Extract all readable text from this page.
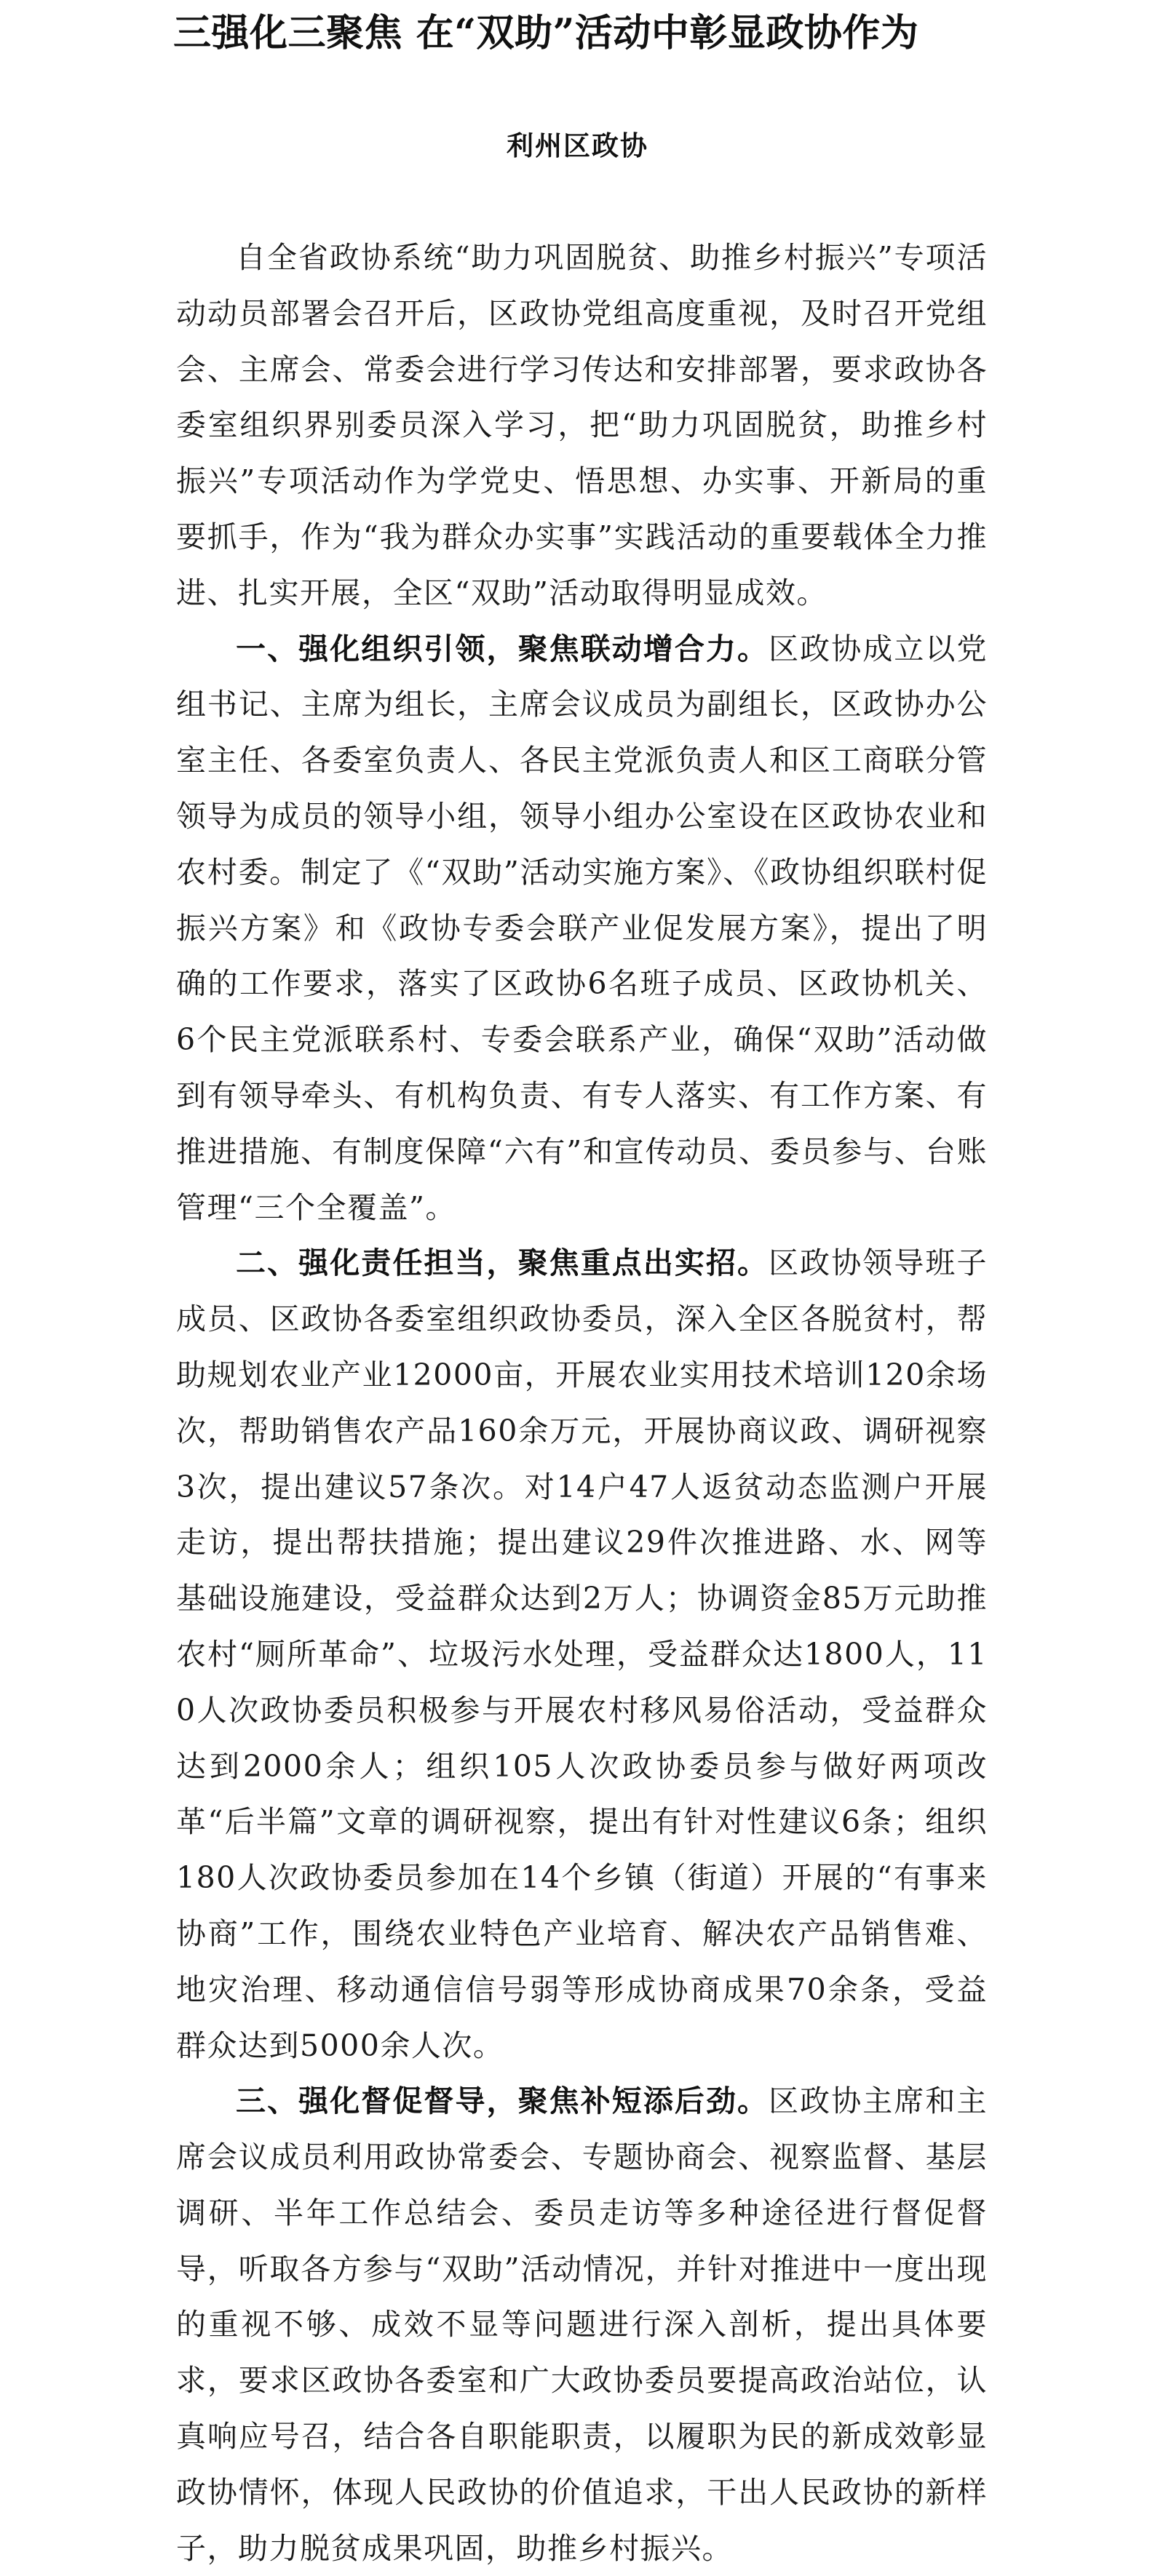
三强化三聚焦 在“双助”活动中彰显政协作为
利州区政协

自全省政协系统“助力巩固脱贫、助推乡村振兴”专项活动动员部署会召开后，区政协党组高度重视，及时召开党组会、主席会、常委会进行学习传达和安排部署，要求政协各委室组织界别委员深入学习，把“助力巩固脱贫，助推乡村振兴”专项活动作为学党史、悟思想、办实事、开新局的重要抓手，作为“我为群众办实事”实践活动的重要载体全力推进、扎实开展，全区“双助”活动取得明显成效。

一、强化组织引领，聚焦联动增合力。区政协成立以党组书记、主席为组长，主席会议成员为副组长，区政协办公室主任、各委室负责人、各民主党派负责人和区工商联分管领导为成员的领导小组，领导小组办公室设在区政协农业和农村委。制定了《“双助”活动实施方案》、《政协组织联村促振兴方案》和《政协专委会联产业促发展方案》，提出了明确的工作要求，落实了区政协6名班子成员、区政协机关、6个民主党派联系村、专委会联系产业，确保“双助”活动做到有领导牵头、有机构负责、有专人落实、有工作方案、有推进措施、有制度保障“六有”和宣传动员、委员参与、台账管理“三个全覆盖”。

二、强化责任担当，聚焦重点出实招。区政协领导班子成员、区政协各委室组织政协委员，深入全区各脱贫村，帮助规划农业产业12000亩，开展农业实用技术培训120余场次，帮助销售农产品160余万元，开展协商议政、调研视察3次，提出建议57条次。对14户47人返贫动态监测户开展走访，提出帮扶措施；提出建议29件次推进路、水、网等基础设施建设，受益群众达到2万人；协调资金85万元助推农村“厕所革命”、垃圾污水处理，受益群众达1800人，110人次政协委员积极参与开展农村移风易俗活动，受益群众达到2000余人；组织105人次政协委员参与做好两项改革“后半篇”文章的调研视察，提出有针对性建议6条；组织180人次政协委员参加在14个乡镇（街道）开展的“有事来协商”工作，围绕农业特色产业培育、解决农产品销售难、地灾治理、移动通信信号弱等形成协商成果70余条，受益群众达到5000余人次。

三、强化督促督导，聚焦补短添后劲。区政协主席和主席会议成员利用政协常委会、专题协商会、视察监督、基层调研、半年工作总结会、委员走访等多种途径进行督促督导，听取各方参与“双助”活动情况，并针对推进中一度出现的重视不够、成效不显等问题进行深入剖析，提出具体要求，要求区政协各委室和广大政协委员要提高政治站位，认真响应号召，结合各自职能职责，以履职为民的新成效彰显政协情怀，体现人民政协的价值追求，干出人民政协的新样子，助力脱贫成果巩固，助推乡村振兴。
